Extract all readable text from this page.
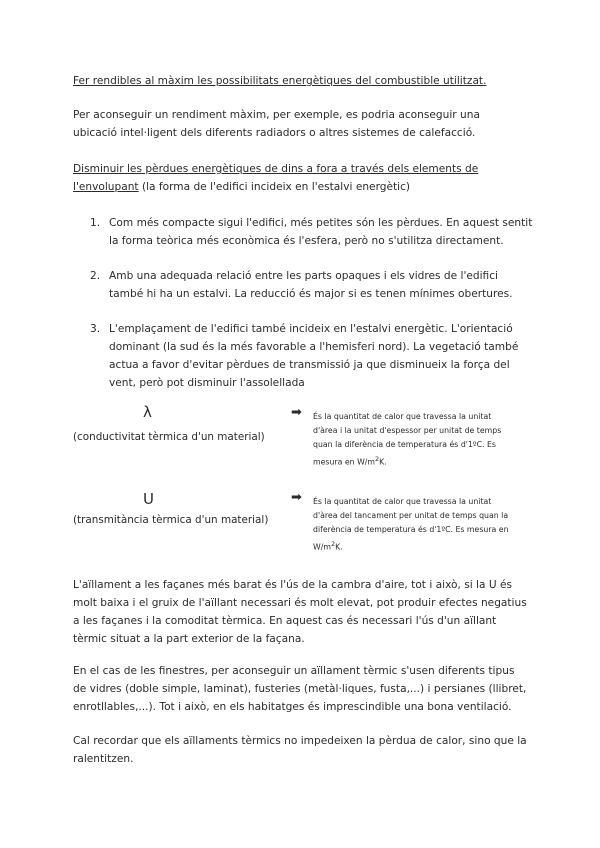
Fer rendibles al màxim les possibilitats energètiques del combustible utilitzat.

Per aconseguir un rendiment màxim, per exemple, es podria aconseguir una ubicació intel·ligent dels diferents radiadors o altres sistemes de calefacció.

Disminuir les pèrdues energètiques de dins a fora a través dels elements de l'envolupant (la forma de l'edifici incideix en l'estalvi energètic)

1. Com més compacte sigui l'edifici, més petites són les pèrdues. En aquest sentit la forma teòrica més econòmica és l'esfera, però no s'utilitza directament.
2. Amb una adequada relació entre les parts opaques i els vidres de l'edifici també hi ha un estalvi. La reducció és major si es tenen mínimes obertures.
3. L'emplaçament de l'edifici també incideix en l'estalvi energètic. L'orientació dominant (la sud és la més favorable a l'hemisferi nord). La vegetació també actua a favor d'evitar pèrdues de transmissió ja que disminueix la força del vent, però pot disminuir l'assolellada
λ
(conductivitat tèrmica d'un material)
➡ És la quantitat de calor que travessa la unitat d'àrea i la unitat d'espessor per unitat de temps quan la diferència de temperatura és d'1ºC. Es mesura en $W/m^2K$.
U
(transmitància tèrmica d'un material)
➡ És la quantitat de calor que travessa la unitat d'àrea del tancament per unitat de temps quan la diferència de temperatura és d'1ºC. Es mesura en $W/m^2K$.

L'aïllament a les façanes més barat és l'ús de la cambra d'aire, tot i això, si la U és molt baixa i el gruix de l'aïllant necessari és molt elevat, pot produir efectes negatius a les façanes i la comoditat tèrmica. En aquest cas és necessari l'ús d'un aïllant tèrmic situat a la part exterior de la façana.

En el cas de les finestres, per aconseguir un aïllament tèrmic s'usen diferents tipus de vidres (doble simple, laminat), fusteries (metàl·liques, fusta,...) i persianes (llibret, enrotllables,...). Tot i això, en els habitatges és imprescindible una bona ventilació.

Cal recordar que els aïllaments tèrmics no impedeixen la pèrdua de calor, sino que la ralentitzen.
